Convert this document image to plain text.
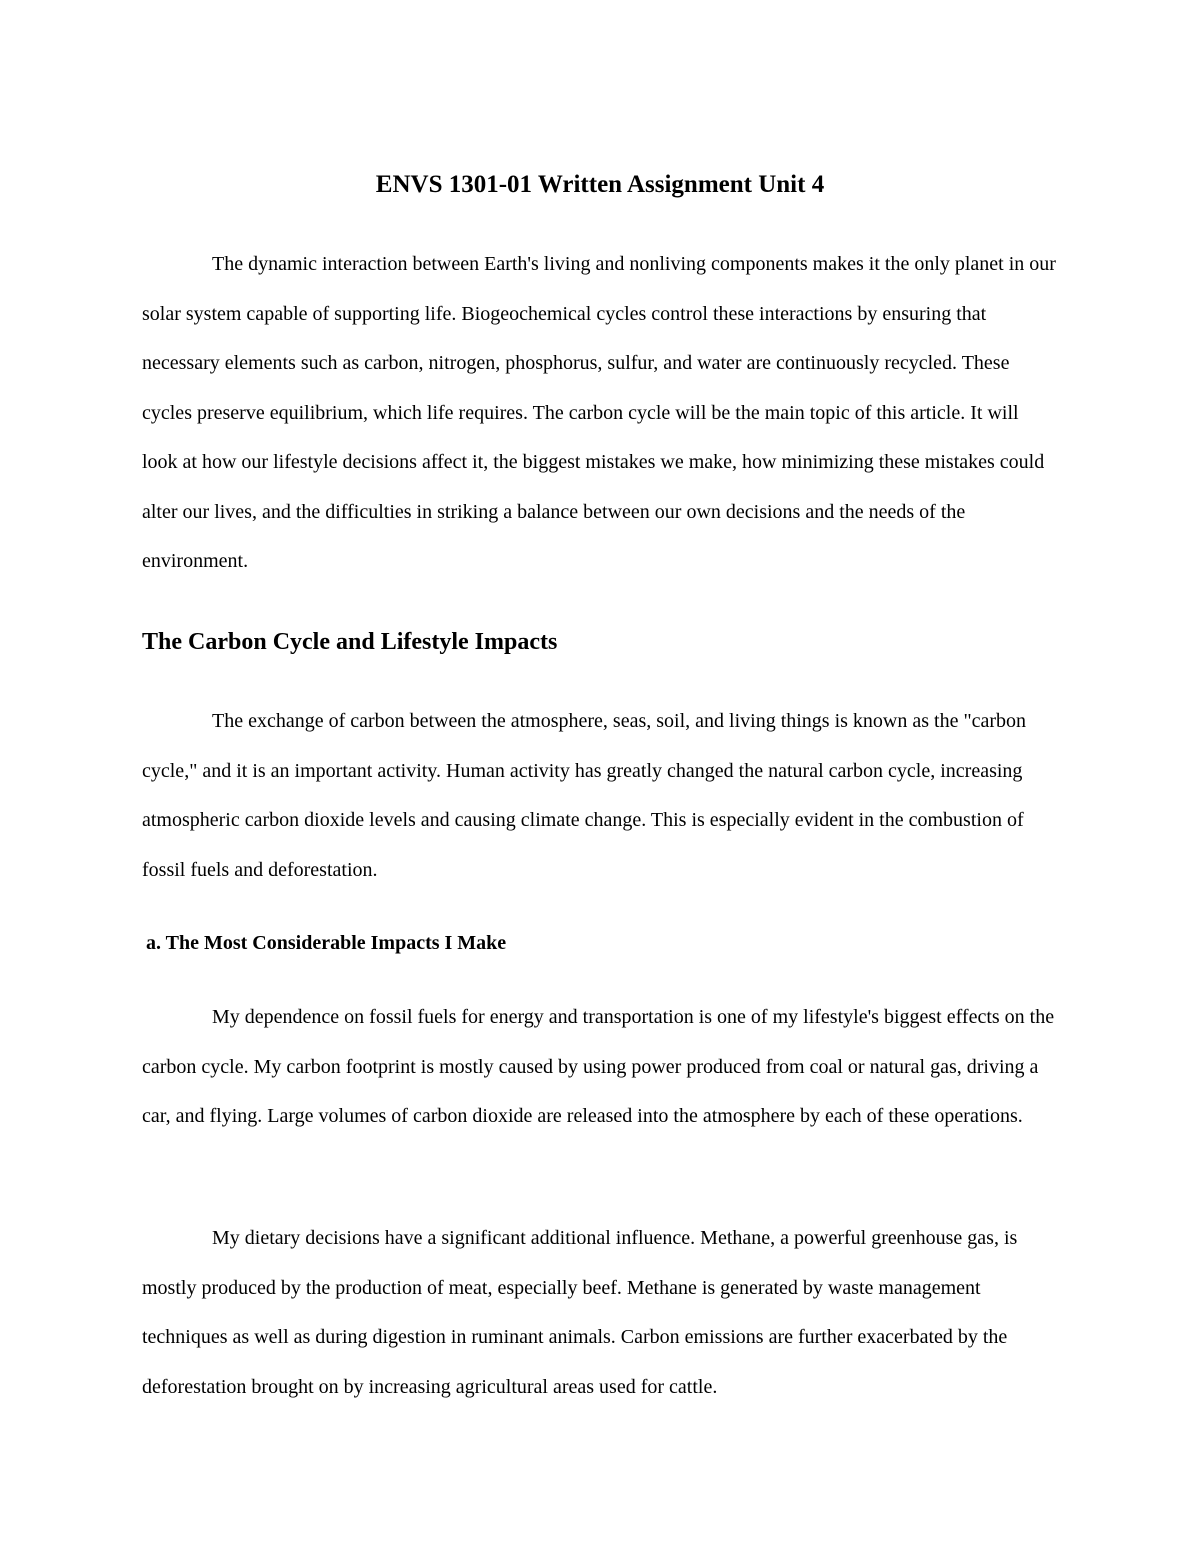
ENVS 1301-01 Written Assignment Unit 4

The dynamic interaction between Earth's living and nonliving components makes it the only planet in our solar system capable of supporting life. Biogeochemical cycles control these interactions by ensuring that necessary elements such as carbon, nitrogen, phosphorus, sulfur, and water are continuously recycled. These cycles preserve equilibrium, which life requires. The carbon cycle will be the main topic of this article. It will look at how our lifestyle decisions affect it, the biggest mistakes we make, how minimizing these mistakes could alter our lives, and the difficulties in striking a balance between our own decisions and the needs of the environment.

The Carbon Cycle and Lifestyle Impacts

The exchange of carbon between the atmosphere, seas, soil, and living things is known as the "carbon cycle," and it is an important activity. Human activity has greatly changed the natural carbon cycle, increasing atmospheric carbon dioxide levels and causing climate change. This is especially evident in the combustion of fossil fuels and deforestation.

a. The Most Considerable Impacts I Make

My dependence on fossil fuels for energy and transportation is one of my lifestyle's biggest effects on the carbon cycle. My carbon footprint is mostly caused by using power produced from coal or natural gas, driving a car, and flying. Large volumes of carbon dioxide are released into the atmosphere by each of these operations.

My dietary decisions have a significant additional influence. Methane, a powerful greenhouse gas, is mostly produced by the production of meat, especially beef. Methane is generated by waste management techniques as well as during digestion in ruminant animals. Carbon emissions are further exacerbated by the deforestation brought on by increasing agricultural areas used for cattle.
